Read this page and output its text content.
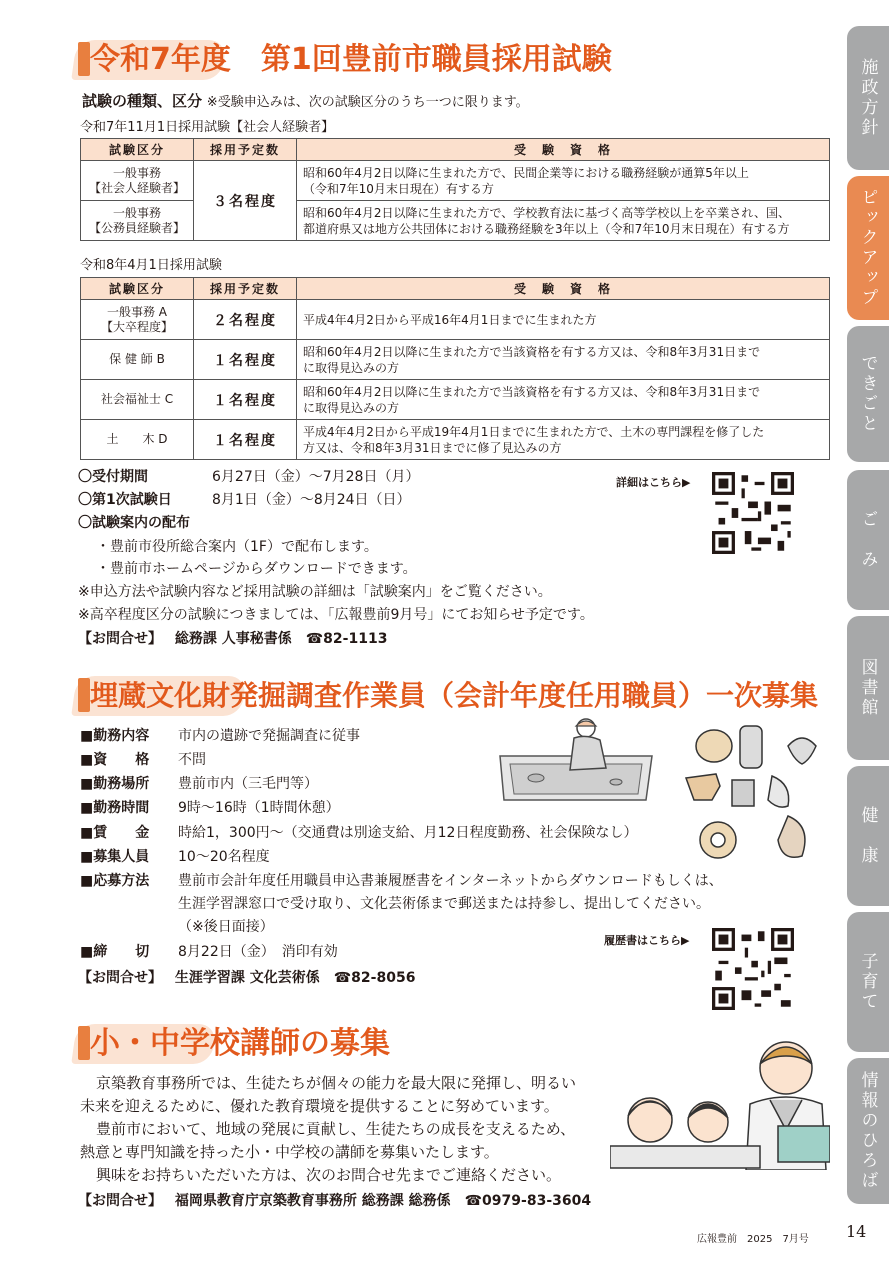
施政方針
ピックアップ
できごと
ご　み
図書館
健　康
子育て
情報のひろば
令和7年度　第1回豊前市職員採用試験
試験の種類、区分 ※受験申込みは、次の試験区分のうち一つに限ります。
令和7年11月1日採用試験【社会人経験者】
試験区分	採用予定数	受　験　資　格
一般事務
【社会人経験者】	３名程度	昭和60年4月2日以降に生まれた方で、民間企業等における職務経験が通算5年以上
（令和7年10月末日現在）有する方
一般事務
【公務員経験者】		昭和60年4月2日以降に生まれた方で、学校教育法に基づく高等学校以上を卒業され、国、
都道府県又は地方公共団体における職務経験を3年以上（令和7年10月末日現在）有する方
令和8年4月1日採用試験
試験区分	採用予定数	受　験　資　格
一般事務 A
【大卒程度】	２名程度	平成4年4月2日から平成16年4月1日までに生まれた方
保 健 師 B	１名程度	昭和60年4月2日以降に生まれた方で当該資格を有する方又は、令和8年3月31日まで
に取得見込みの方
社会福祉士 C	１名程度	昭和60年4月2日以降に生まれた方で当該資格を有する方又は、令和8年3月31日まで
に取得見込みの方
土　　木 D	１名程度	平成4年4月2日から平成19年4月1日までに生まれた方で、土木の専門課程を修了した
方又は、令和8年3月31日までに修了見込みの方
〇受付期間	6月27日（金）～7月28日（月）
〇第1次試験日	8月1日（金）～8月24日（日）
〇試験案内の配布
・豊前市役所総合案内（1F）で配布します。
・豊前市ホームページからダウンロードできます。
※申込方法や試験内容など採用試験の詳細は「試験案内」をご覧ください。
※高卒程度区分の試験につきましては、「広報豊前9月号」にてお知らせ予定です。
【お問合せ】 総務課 人事秘書係　☎82-1113
詳細はこちら▶
埋蔵文化財発掘調査作業員（会計年度任用職員）一次募集
■勤務内容 市内の遺跡で発掘調査に従事
■資　　格 不問
■勤務場所 豊前市内（三毛門等）
■勤務時間 9時～16時（1時間休憩）
■賃　　金 時給1，300円～（交通費は別途支給、月12日程度勤務、社会保険なし）
■募集人員 10～20名程度
■応募方法 豊前市会計年度任用職員申込書兼履歴書をインターネットからダウンロードもしくは、
生涯学習課窓口で受け取り、文化芸術係まで郵送または持参し、提出してください。
（※後日面接）
■締　　切 8月22日（金）　消印有効
【お問合せ】 生涯学習課 文化芸術係　☎82-8056
履歴書はこちら▶
小・中学校講師の募集
京築教育事務所では、生徒たちが個々の能力を最大限に発揮し、明るい
未来を迎えるために、優れた教育環境を提供することに努めています。
豊前市において、地域の発展に貢献し、生徒たちの成長を支えるため、
熱意と専門知識を持った小・中学校の講師を募集いたします。
興味をお持ちいただいた方は、次のお問合せ先までご連絡ください。
【お問合せ】 福岡県教育庁京築教育事務所 総務課 総務係　☎0979-83-3604
広報豊前　2025　7月号 14
